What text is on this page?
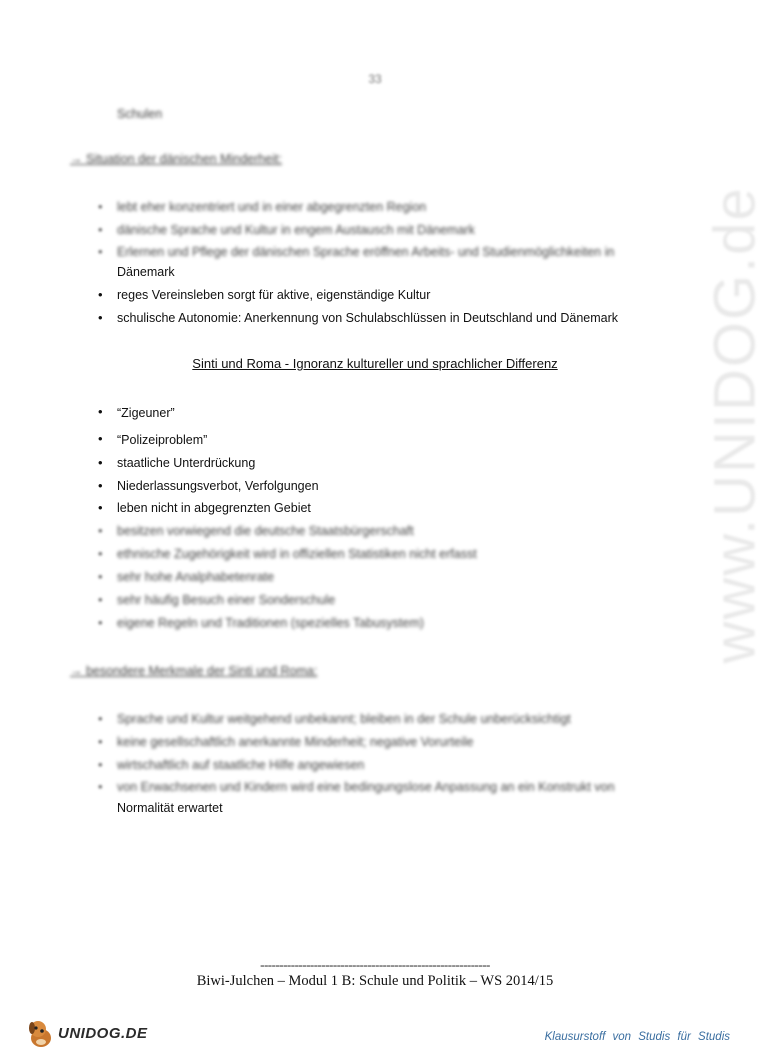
www.UNIDOG.de
33
Schulen
→ Situation der dänischen Minderheit:
• lebt eher konzentriert und in einer abgegrenzten Region
• dänische Sprache und Kultur in engem Austausch mit Dänemark
• Erlernen und Pflege der dänischen Sprache eröffnen Arbeits- und Studienmöglichkeiten in
Dänemark
• reges Vereinsleben sorgt für aktive, eigenständige Kultur
• schulische Autonomie: Anerkennung von Schulabschlüssen in Deutschland und Dänemark
Sinti und Roma - Ignoranz kultureller und sprachlicher Differenz
• “Zigeuner”
• “Polizeiproblem”
• staatliche Unterdrückung
• Niederlassungsverbot, Verfolgungen
• leben nicht in abgegrenzten Gebiet
• besitzen vorwiegend die deutsche Staatsbürgerschaft
• ethnische Zugehörigkeit wird in offiziellen Statistiken nicht erfasst
• sehr hohe Analphabetenrate
• sehr häufig Besuch einer Sonderschule
• eigene Regeln und Traditionen (spezielles Tabusystem)
→ besondere Merkmale der Sinti und Roma:
• Sprache und Kultur weitgehend unbekannt; bleiben in der Schule unberücksichtigt
• keine gesellschaftlich anerkannte Minderheit; negative Vorurteile
• wirtschaftlich auf staatliche Hilfe angewiesen
• von Erwachsenen und Kindern wird eine bedingungslose Anpassung an ein Konstrukt von
Normalität erwartet
------------------------------------------------------------
Biwi-Julchen – Modul 1 B: Schule und Politik – WS 2014/15
UNIDOG.DE	Klausurstoff von Studis für Studis
